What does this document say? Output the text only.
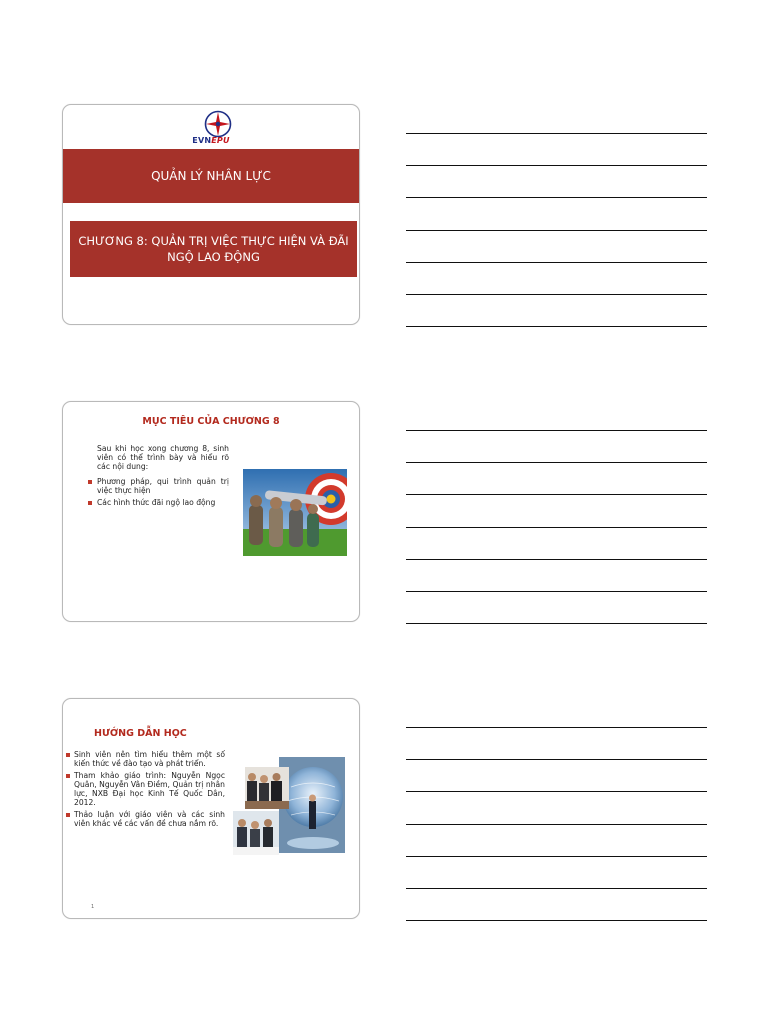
EVNEPU
QUẢN LÝ NHÂN LỰC
CHƯƠNG 8: QUẢN TRỊ VIỆC THỰC HIỆN VÀ ĐÃI NGỘ LAO ĐỘNG
MỤC TIÊU CỦA CHƯƠNG 8
Sau khi học xong chương 8, sinh viên có thể trình bày và hiểu rõ các nội dung:
Phương pháp, qui trình quản trị việc thực hiện
Các hình thức đãi ngộ lao động
HƯỚNG DẪN HỌC
Sinh viên nên tìm hiểu thêm một số kiến thức về đào tạo và phát triển.
Tham khảo giáo trình: Nguyễn Ngọc Quân, Nguyễn Vân Điềm, Quản trị nhân lực, NXB Đại học Kinh Tế Quốc Dân, 2012.
Thảo luận với giáo viên và các sinh viên khác về các vấn đề chưa nắm rõ.
1
